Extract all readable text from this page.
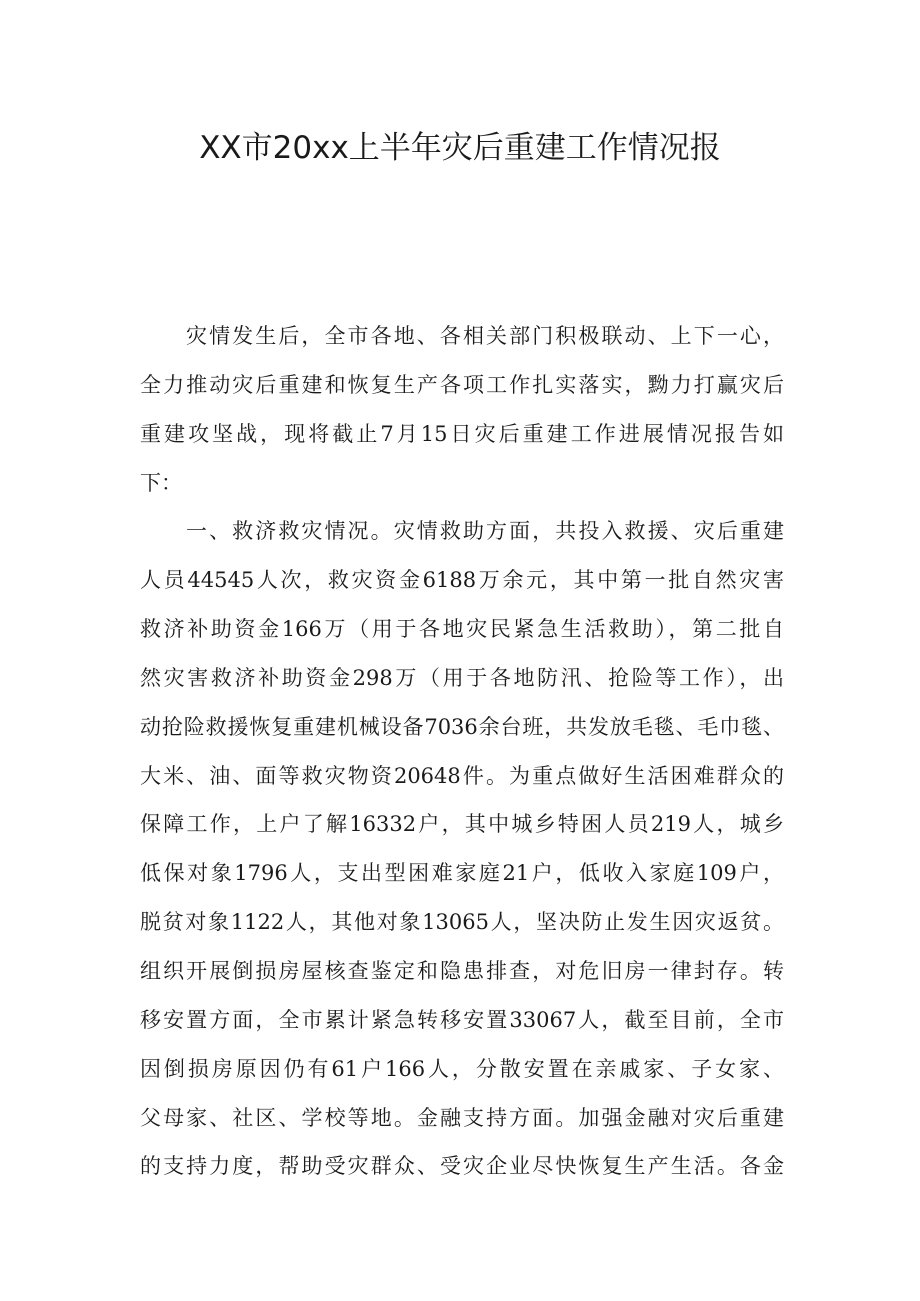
XX市20xx上半年灾后重建工作情况报
灾情发生后，全市各地、各相关部门积极联动、上下一心，
全力推动灾后重建和恢复生产各项工作扎实落实，黝力打赢灾后
重建攻坚战，现将截止7月15日灾后重建工作进展情况报告如
下：
一、救济救灾情况。灾情救助方面，共投入救援、灾后重建
人员44545人次，救灾资金6188万余元，其中第一批自然灾害
救济补助资金166万（用于各地灾民紧急生活救助），第二批自
然灾害救济补助资金298万（用于各地防汛、抢险等工作），出
动抢险救援恢复重建机械设备7036余台班，共发放毛毯、毛巾毯、
大米、油、面等救灾物资20648件。为重点做好生活困难群众的
保障工作，上户了解16332户，其中城乡特困人员219人，城乡
低保对象1796人，支出型困难家庭21户，低收入家庭109户，
脱贫对象1122人，其他对象13065人，坚决防止发生因灾返贫。
组织开展倒损房屋核查鉴定和隐患排查，对危旧房一律封存。转
移安置方面，全市累计紧急转移安置33067人，截至目前，全市
因倒损房原因仍有61户166人，分散安置在亲戚家、子女家、
父母家、社区、学校等地。金融支持方面。加强金融对灾后重建
的支持力度，帮助受灾群众、受灾企业尽快恢复生产生活。各金
